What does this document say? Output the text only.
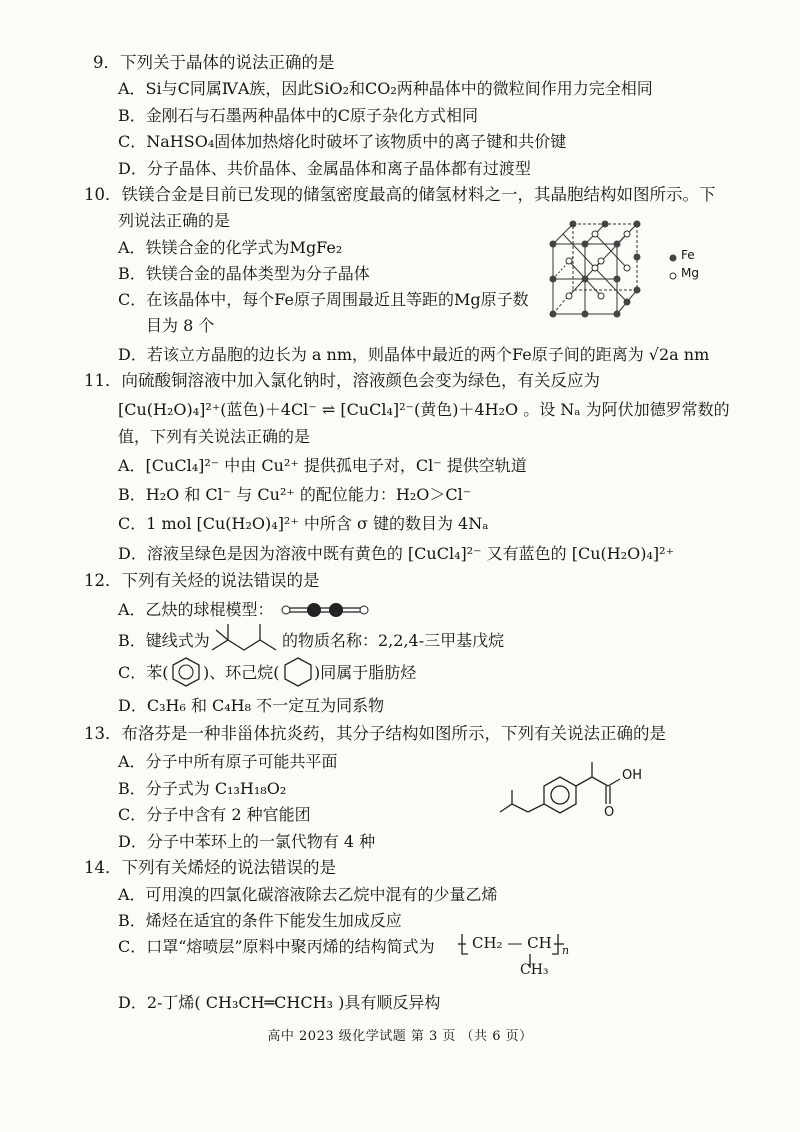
9．下列关于晶体的说法正确的是
A．Si与C同属ⅣA族，因此SiO₂和CO₂两种晶体中的微粒间作用力完全相同
B．金刚石与石墨两种晶体中的C原子杂化方式相同
C．NaHSO₄固体加热熔化时破坏了该物质中的离子键和共价键
D．分子晶体、共价晶体、金属晶体和离子晶体都有过渡型
10．铁镁合金是目前已发现的储氢密度最高的储氢材料之一，其晶胞结构如图所示。下
列说法正确的是
A．铁镁合金的化学式为MgFe₂
B．铁镁合金的晶体类型为分子晶体
C．在该晶体中，每个Fe原子周围最近且等距的Mg原子数
目为 8 个
D．若该立方晶胞的边长为 a nm，则晶体中最近的两个Fe原子间的距离为 √2a nm
Fe
Mg
11．向硫酸铜溶液中加入氯化钠时，溶液颜色会变为绿色，有关反应为
[Cu(H₂O)₄]²⁺(蓝色)＋4Cl⁻ ⇌ [CuCl₄]²⁻(黄色)＋4H₂O 。设 Nₐ 为阿伏加德罗常数的
值，下列有关说法正确的是
A．[CuCl₄]²⁻ 中由 Cu²⁺ 提供孤电子对，Cl⁻ 提供空轨道
B．H₂O 和 Cl⁻ 与 Cu²⁺ 的配位能力：H₂O＞Cl⁻
C．1 mol [Cu(H₂O)₄]²⁺ 中所含 σ 键的数目为 4Nₐ
D．溶液呈绿色是因为溶液中既有黄色的 [CuCl₄]²⁻ 又有蓝色的 [Cu(H₂O)₄]²⁺
12．下列有关烃的说法错误的是
A．乙炔的球棍模型：
B．键线式为	的物质名称：2,2,4-三甲基戊烷
C．苯( )、环己烷( )同属于脂肪烃
D．C₃H₆ 和 C₄H₈ 不一定互为同系物
13．布洛芬是一种非甾体抗炎药，其分子结构如图所示，下列有关说法正确的是
A．分子中所有原子可能共平面
B．分子式为 C₁₃H₁₈O₂
C．分子中含有 2 种官能团
D．分子中苯环上的一氯代物有 4 种
OH
O
14．下列有关烯烃的说法错误的是
A．可用溴的四氯化碳溶液除去乙烷中混有的少量乙烯
B．烯烃在适宜的条件下能发生加成反应
C．口罩“熔喷层”原料中聚丙烯的结构简式为 CH₂ — CH n
CH₃
D．2-丁烯( CH₃CH═CHCH₃ )具有顺反异构
高中 2023 级化学试题 第 3 页 （共 6 页）
